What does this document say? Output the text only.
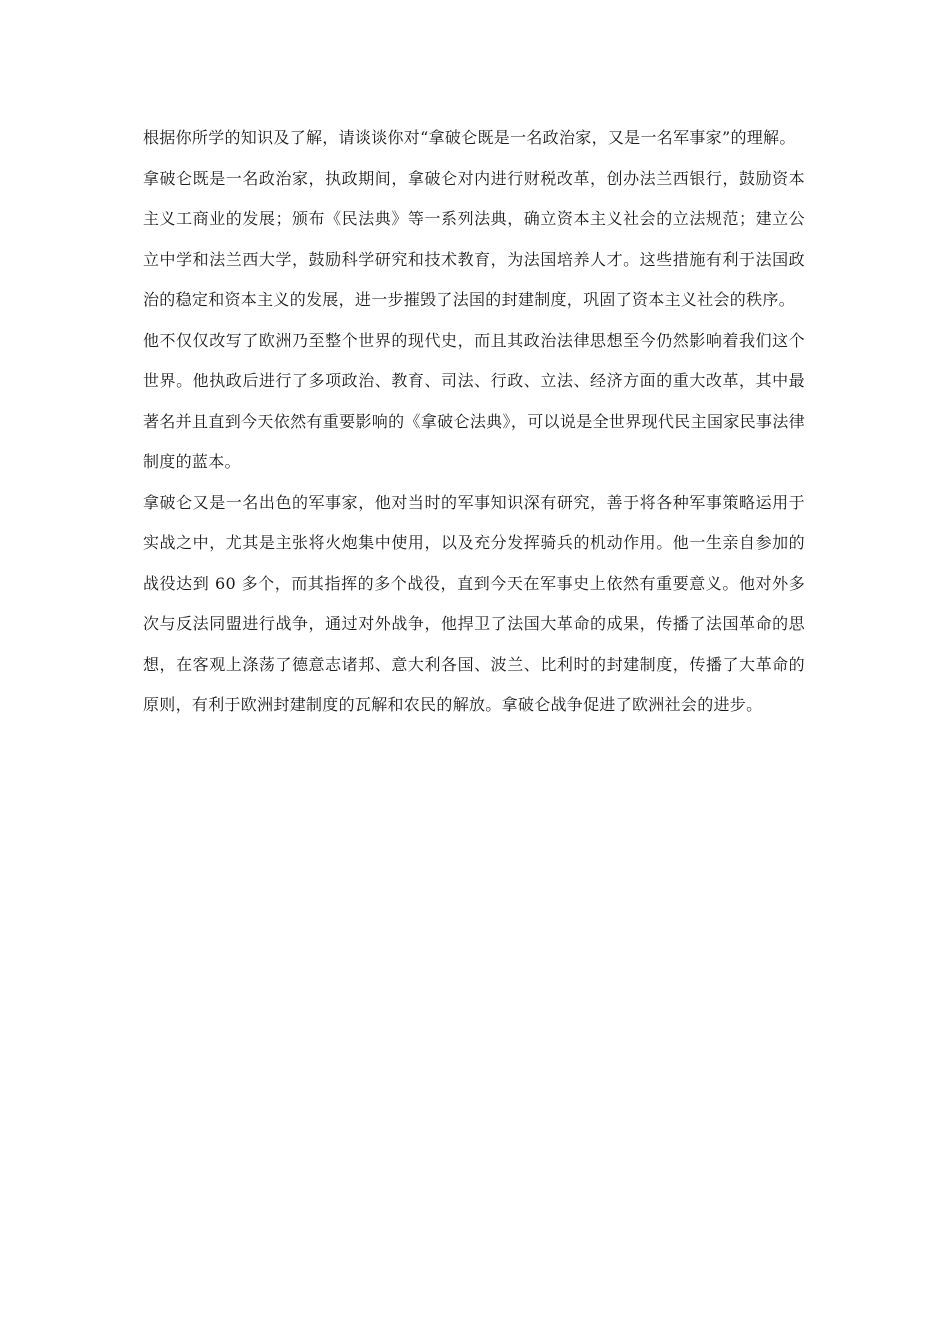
根据你所学的知识及了解，请谈谈你对“拿破仑既是一名政治家，又是一名军事家”的理解。

拿破仑既是一名政治家，执政期间，拿破仑对内进行财税改革，创办法兰西银行，鼓励资本主义工商业的发展；颁布《民法典》等一系列法典，确立资本主义社会的立法规范；建立公立中学和法兰西大学，鼓励科学研究和技术教育，为法国培养人才。这些措施有利于法国政治的稳定和资本主义的发展，进一步摧毁了法国的封建制度，巩固了资本主义社会的秩序。

他不仅仅改写了欧洲乃至整个世界的现代史，而且其政治法律思想至今仍然影响着我们这个世界。他执政后进行了多项政治、教育、司法、行政、立法、经济方面的重大改革，其中最著名并且直到今天依然有重要影响的《拿破仑法典》，可以说是全世界现代民主国家民事法律制度的蓝本。

拿破仑又是一名出色的军事家，他对当时的军事知识深有研究，善于将各种军事策略运用于实战之中，尤其是主张将火炮集中使用，以及充分发挥骑兵的机动作用。他一生亲自参加的战役达到 60 多个，而其指挥的多个战役，直到今天在军事史上依然有重要意义。他对外多次与反法同盟进行战争，通过对外战争，他捍卫了法国大革命的成果，传播了法国革命的思想，在客观上涤荡了德意志诸邦、意大利各国、波兰、比利时的封建制度，传播了大革命的原则，有利于欧洲封建制度的瓦解和农民的解放。拿破仑战争促进了欧洲社会的进步。
